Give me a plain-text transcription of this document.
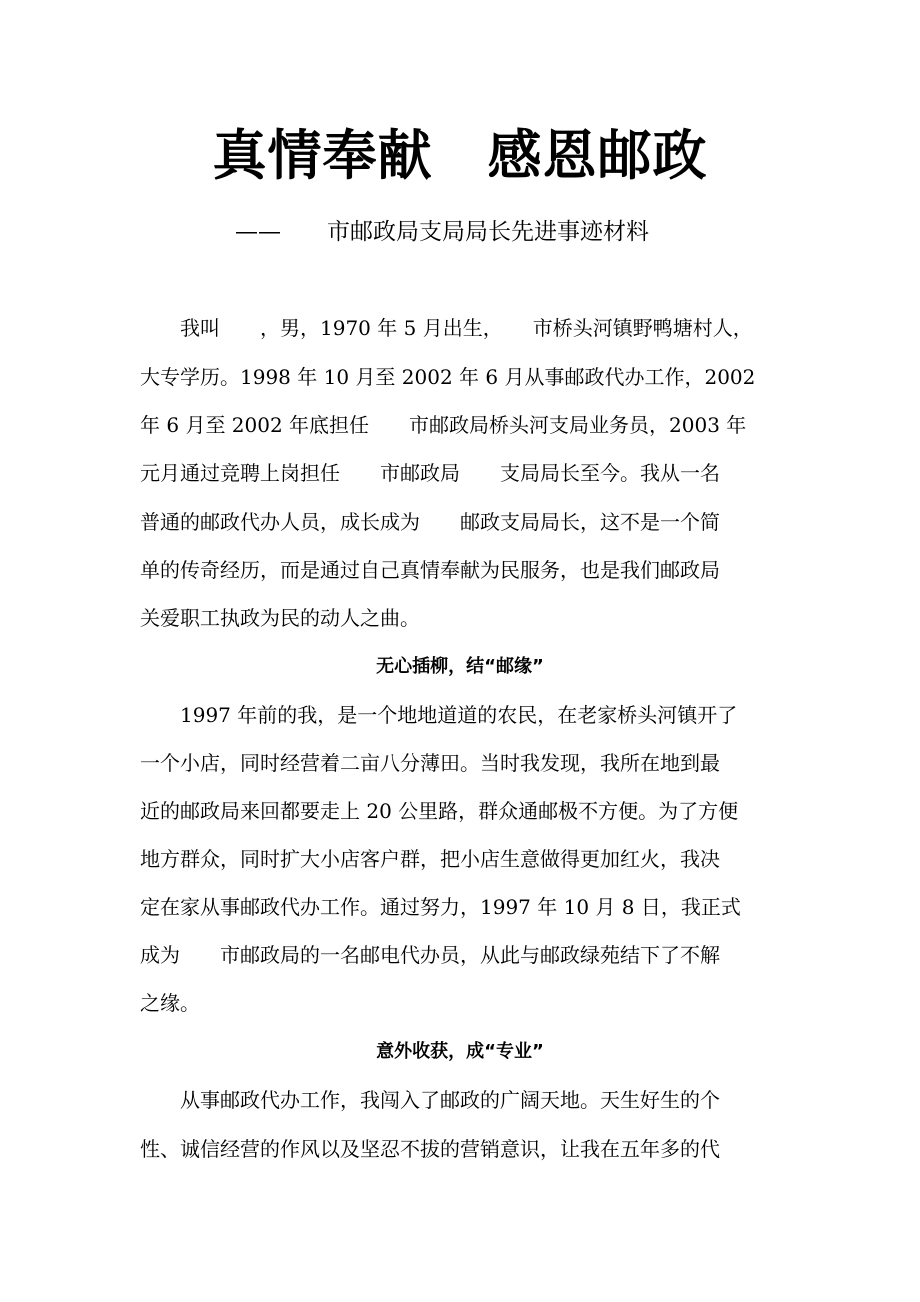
真情奉献　感恩邮政
——　　市邮政局支局局长先进事迹材料
　　我叫　　，男，1970 年 5 月出生，　　市桥头河镇野鸭塘村人，
大专学历。1998 年 10 月至 2002 年 6 月从事邮政代办工作，2002
年 6 月至 2002 年底担任　　市邮政局桥头河支局业务员，2003 年
元月通过竞聘上岗担任　　市邮政局　　支局局长至今。我从一名
普通的邮政代办人员，成长成为　　邮政支局局长，这不是一个简
单的传奇经历，而是通过自己真情奉献为民服务，也是我们邮政局
关爱职工执政为民的动人之曲。
无心插柳，结“邮缘”
　　1997 年前的我，是一个地地道道的农民，在老家桥头河镇开了
一个小店，同时经营着二亩八分薄田。当时我发现，我所在地到最
近的邮政局来回都要走上 20 公里路，群众通邮极不方便。为了方便
地方群众，同时扩大小店客户群，把小店生意做得更加红火，我决
定在家从事邮政代办工作。通过努力，1997 年 10 月 8 日，我正式
成为　　市邮政局的一名邮电代办员，从此与邮政绿苑结下了不解
之缘。
意外收获，成“专业”
　　从事邮政代办工作，我闯入了邮政的广阔天地。天生好生的个
性、诚信经营的作风以及坚忍不拔的营销意识，让我在五年多的代
